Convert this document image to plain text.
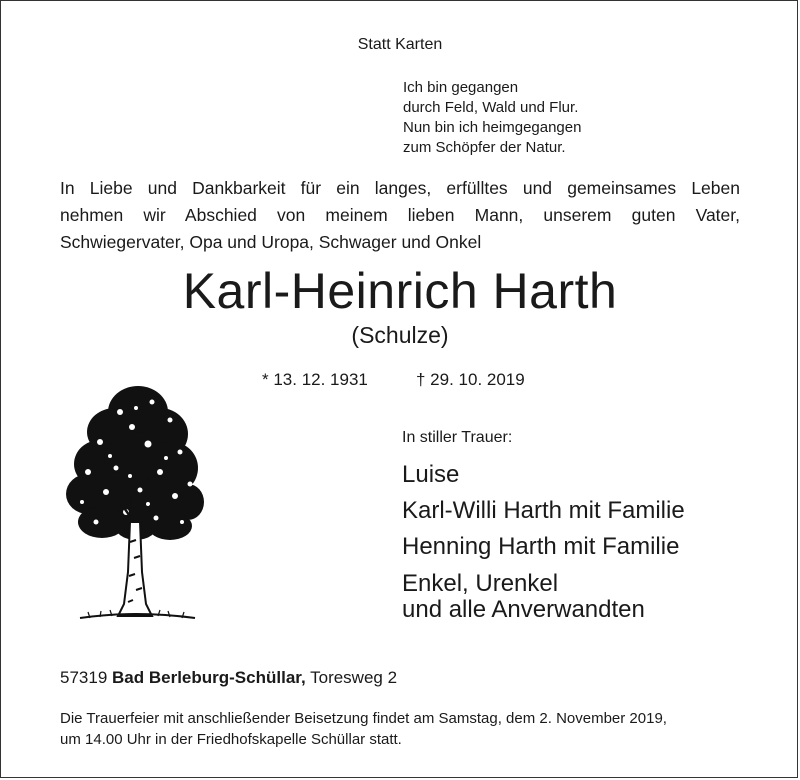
Statt Karten
Ich bin gegangen
durch Feld, Wald und Flur.
Nun bin ich heimgegangen
zum Schöpfer der Natur.
In Liebe und Dankbarkeit für ein langes, erfülltes und gemeinsames Leben
nehmen wir Abschied von meinem lieben Mann, unserem guten Vater,
Schwiegervater, Opa und Uropa, Schwager und Onkel
Karl-Heinrich Harth
(Schulze)
* 13. 12. 1931	† 29. 10. 2019
In stiller Trauer:
Luise
Karl-Willi Harth mit Familie
Henning Harth mit Familie
Enkel, Urenkel
und alle Anverwandten
57319 Bad Berleburg-Schüllar, Toresweg 2
Die Trauerfeier mit anschließender Beisetzung findet am Samstag, dem 2. November 2019,
um 14.00 Uhr in der Friedhofskapelle Schüllar statt.
